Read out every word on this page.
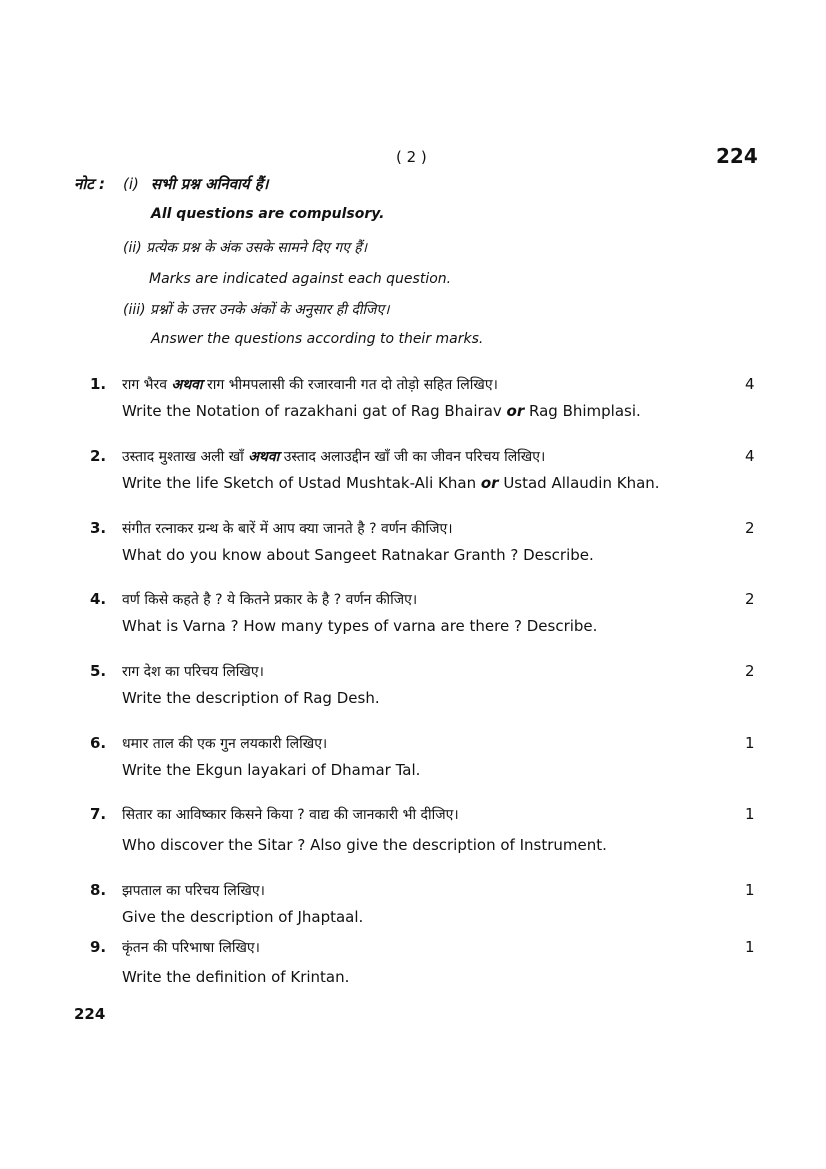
( 2 )	224
नोट : (i) सभी प्रश्न अनिवार्य हैं।
All questions are compulsory.
(ii) प्रत्येक प्रश्न के अंक उसके सामने दिए गए हैं।
Marks are indicated against each question.
(iii) प्रश्नों के उत्तर उनके अंकों के अनुसार ही दीजिए।
Answer the questions according to their marks.
1. राग भैरव अथवा राग भीमपलासी की रजारवानी गत दो तोड़ो सहित लिखिए।
Write the Notation of razakhani gat of Rag Bhairav or Rag Bhimplasi.
4
2. उस्ताद मुश्ताख अली खाँ अथवा उस्ताद अलाउद्दीन खाँ जी का जीवन परिचय लिखिए।
Write the life Sketch of Ustad Mushtak-Ali Khan or Ustad Allaudin Khan.
4
3. संगीत रत्नाकर ग्रन्थ के बारें में आप क्या जानते है ? वर्णन कीजिए।
What do you know about Sangeet Ratnakar Granth ? Describe.
2
4. वर्ण किसे कहते है ? ये कितने प्रकार के है ? वर्णन कीजिए।
What is Varna ? How many types of varna are there ? Describe.
2
5. राग देश का परिचय लिखिए।
Write the description of Rag Desh.
2
6. धमार ताल की एक गुन लयकारी लिखिए।
Write the Ekgun layakari of Dhamar Tal.
1
7. सितार का आविष्कार किसने किया ? वाद्य की जानकारी भी दीजिए।
Who discover the Sitar ? Also give the description of Instrument.
1
8. झपताल का परिचय लिखिए।
Give the description of Jhaptaal.
1
9. कृंतन की परिभाषा लिखिए।
Write the definition of Krintan.
1
224
